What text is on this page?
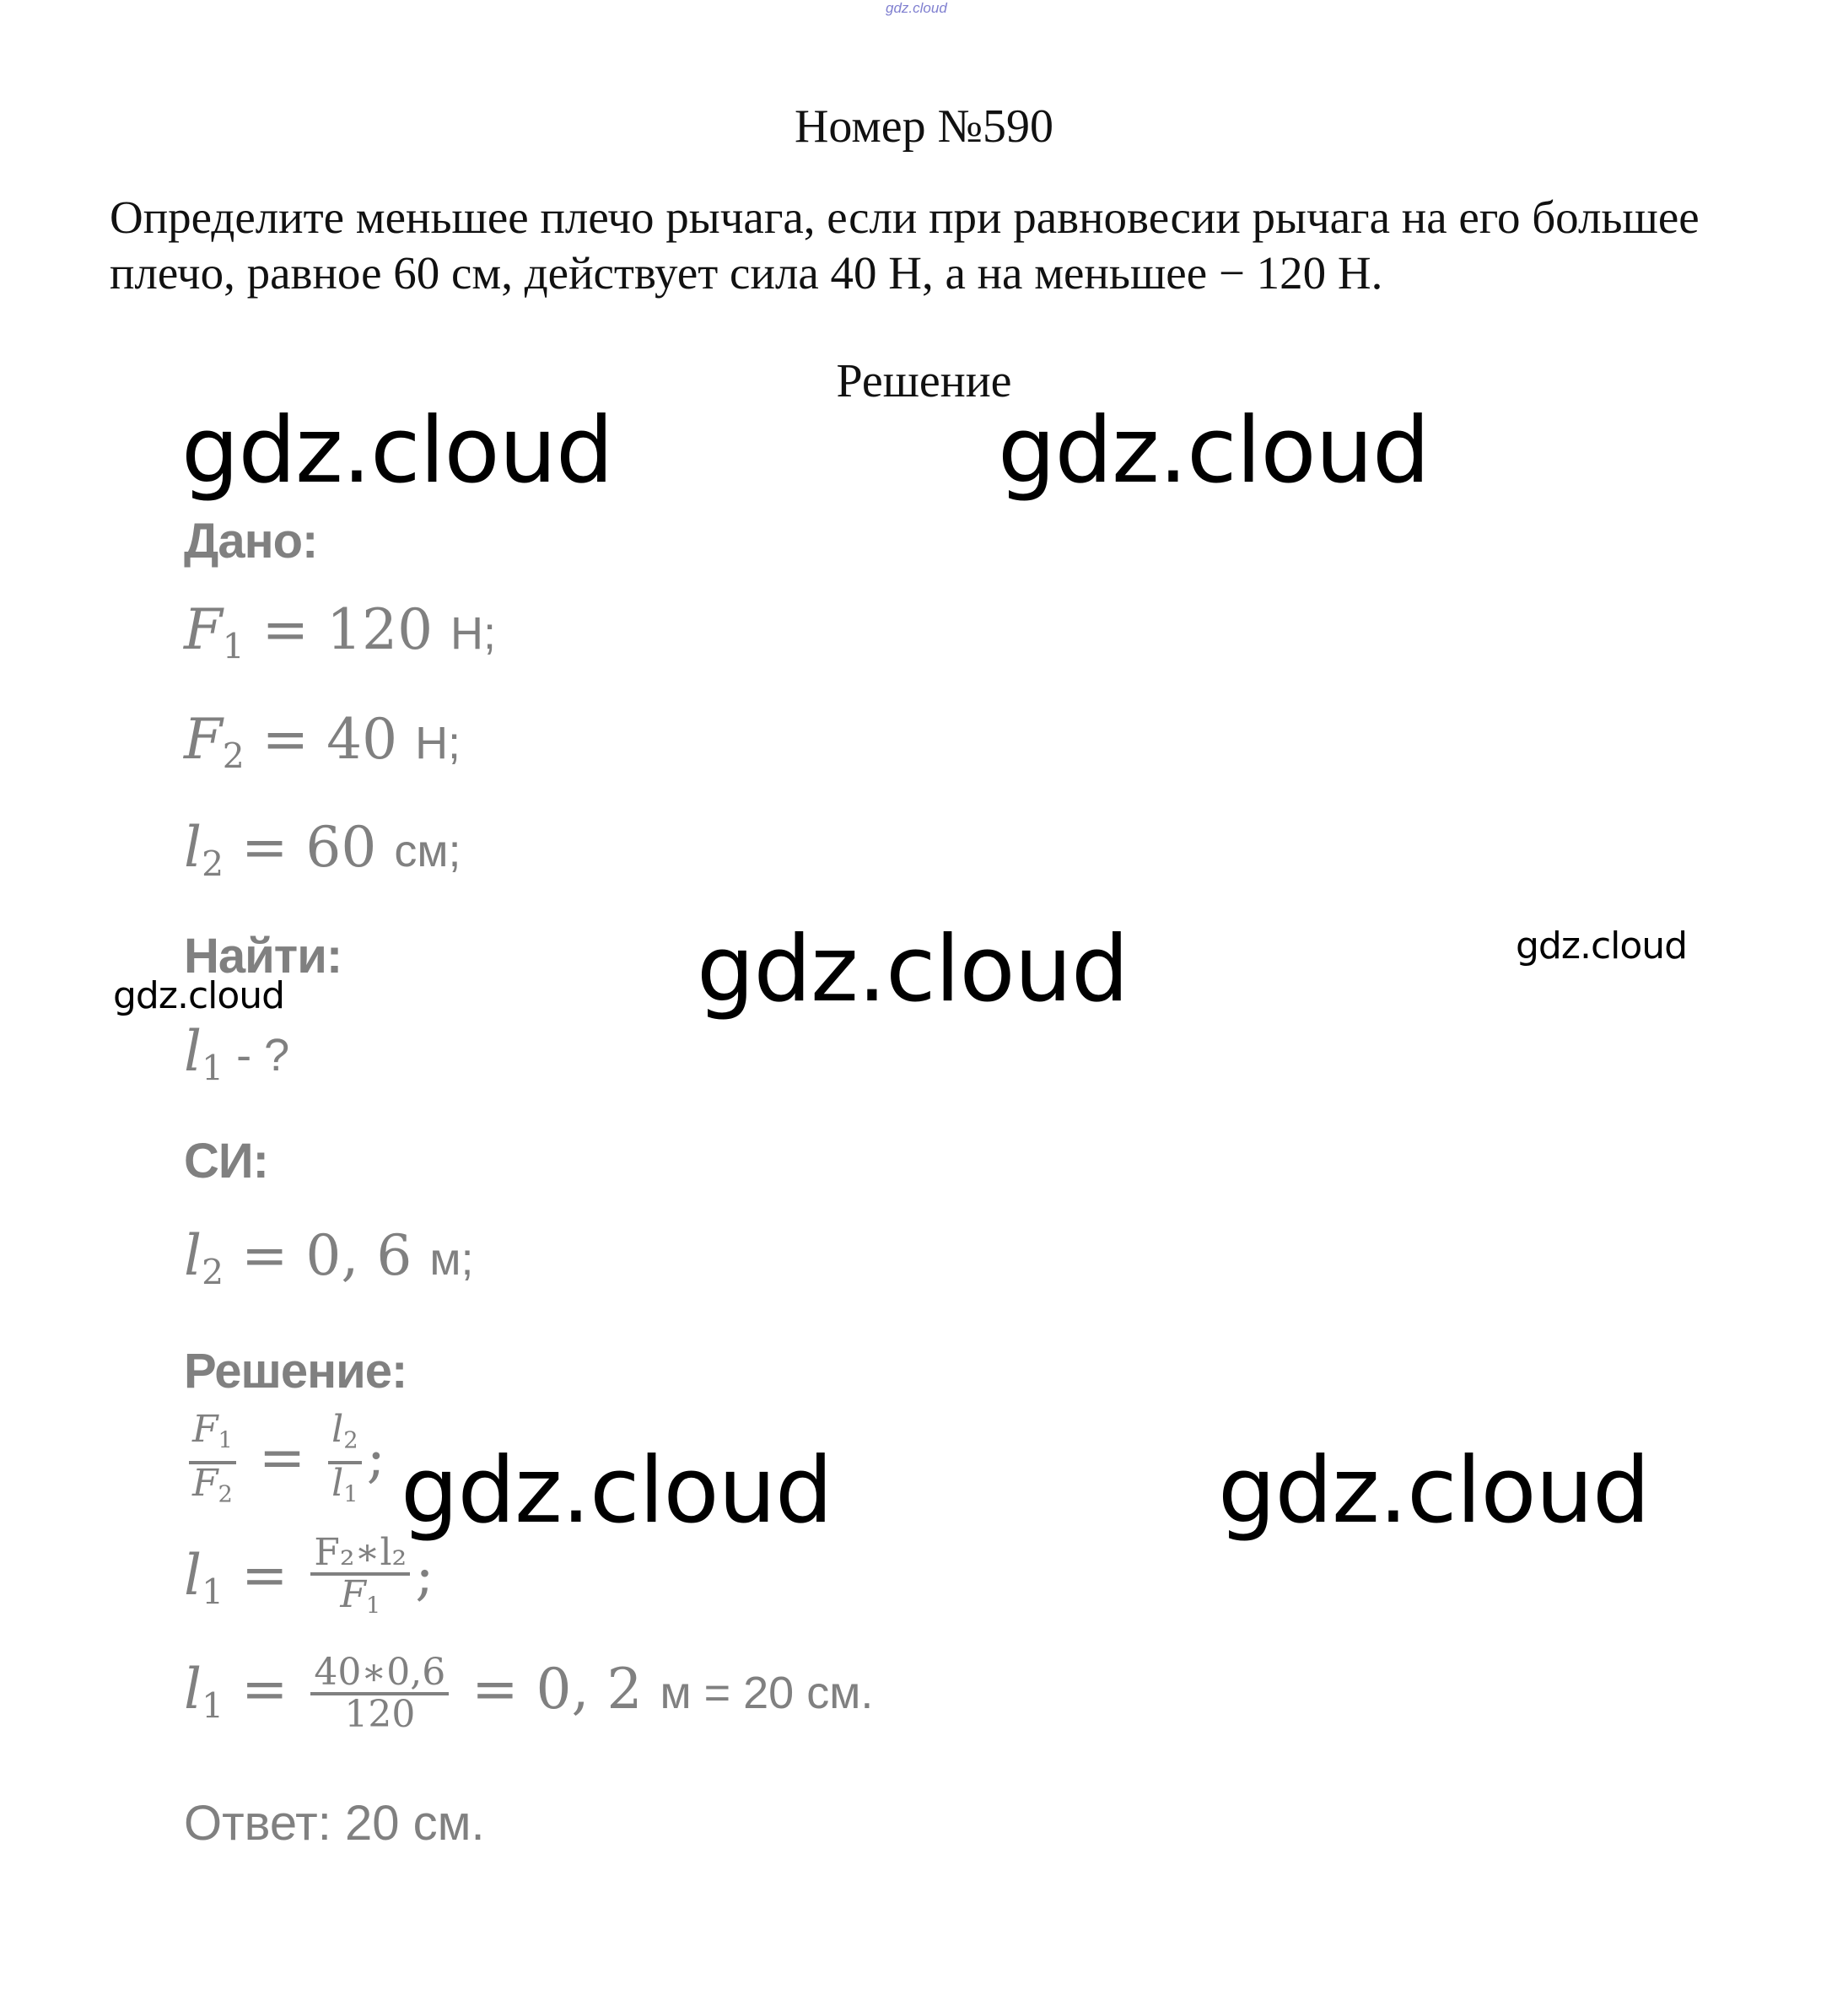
gdz.cloud
Номер №590
Определите меньшее плечо рычага, если при равновесии рычага на его большее плечо, равное 60 см, действует сила 40 Н, а на меньшее − 120 Н.
Решение
gdz.cloud	gdz.cloud
gdz.cloud	gdz.cloud
gdz.cloud
gdz.cloud	gdz.cloud
Дано:
$F_1 = 120$ Н;
$F_2 = 40$ Н;
$l_2 = 60$ см;
Найти:
$l_1$ - ?
СИ:
$l_2 = 0$, 6 м;
Решение:
$\frac{F_1}{F_2} = \frac{l_2}{l_1}$ ;
$l_1 = \frac{\text{F₂∗l₂}}{F_1}$ ;
$l_1 = \frac{40∗0,6}{120} = 0$, 2 м = 20 см.
Ответ: 20 см.
